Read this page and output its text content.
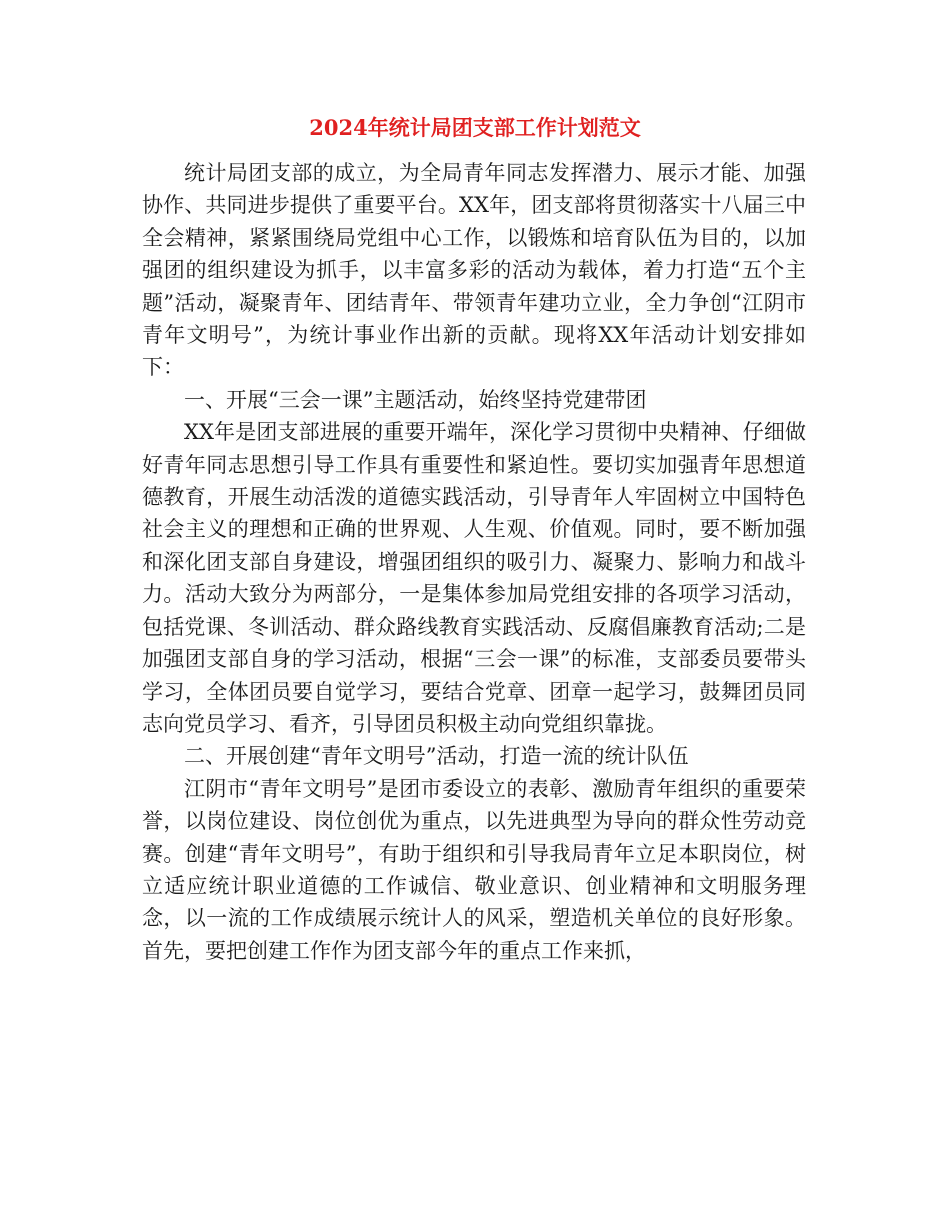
2024年统计局团支部工作计划范文

统计局团支部的成立，为全局青年同志发挥潜力、展示才能、加强协作、共同进步提供了重要平台。XX年，团支部将贯彻落实十八届三中全会精神，紧紧围绕局党组中心工作，以锻炼和培育队伍为目的，以加强团的组织建设为抓手，以丰富多彩的活动为载体，着力打造“五个主题”活动，凝聚青年、团结青年、带领青年建功立业，全力争创“江阴市青年文明号”，为统计事业作出新的贡献。现将XX年活动计划安排如下：

一、开展“三会一课”主题活动，始终坚持党建带团

XX年是团支部进展的重要开端年，深化学习贯彻中央精神、仔细做好青年同志思想引导工作具有重要性和紧迫性。要切实加强青年思想道德教育，开展生动活泼的道德实践活动，引导青年人牢固树立中国特色社会主义的理想和正确的世界观、人生观、价值观。同时，要不断加强和深化团支部自身建设，增强团组织的吸引力、凝聚力、影响力和战斗力。活动大致分为两部分，一是集体参加局党组安排的各项学习活动，包括党课、冬训活动、群众路线教育实践活动、反腐倡廉教育活动;二是加强团支部自身的学习活动，根据“三会一课”的标准，支部委员要带头学习，全体团员要自觉学习，要结合党章、团章一起学习，鼓舞团员同志向党员学习、看齐，引导团员积极主动向党组织靠拢。

二、开展创建“青年文明号”活动，打造一流的统计队伍

江阴市“青年文明号”是团市委设立的表彰、激励青年组织的重要荣誉，以岗位建设、岗位创优为重点，以先进典型为导向的群众性劳动竞赛。创建“青年文明号”，有助于组织和引导我局青年立足本职岗位，树立适应统计职业道德的工作诚信、敬业意识、创业精神和文明服务理念，以一流的工作成绩展示统计人的风采，塑造机关单位的良好形象。首先，要把创建工作作为团支部今年的重点工作来抓，
